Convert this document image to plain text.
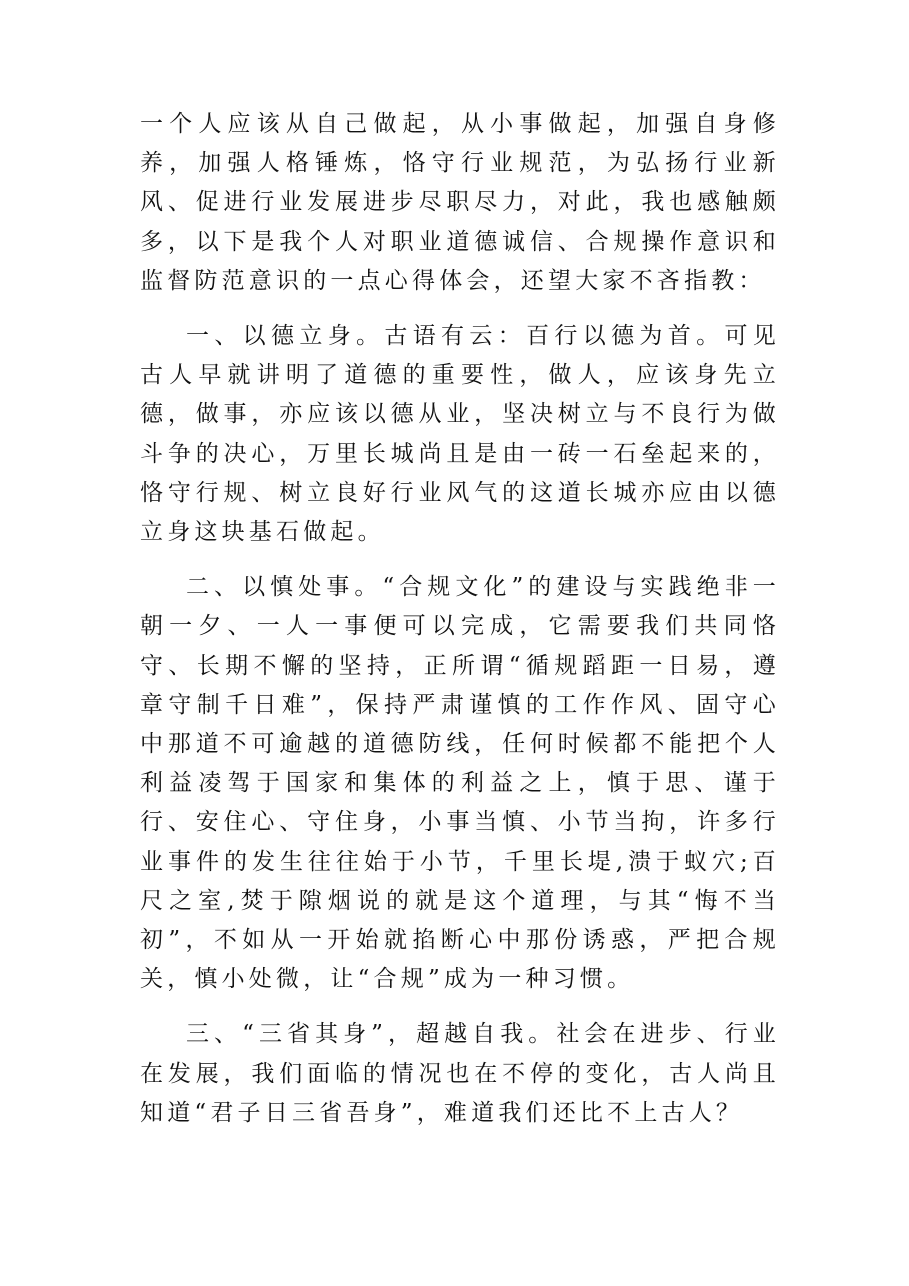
一个人应该从自己做起，从小事做起，加强自身修养，加强人格锤炼，恪守行业规范，为弘扬行业新风、促进行业发展进步尽职尽力，对此，我也感触颇多，以下是我个人对职业道德诚信、合规操作意识和监督防范意识的一点心得体会，还望大家不吝指教：

一、以德立身。古语有云：百行以德为首。可见古人早就讲明了道德的重要性，做人，应该身先立德，做事，亦应该以德从业，坚决树立与不良行为做斗争的决心，万里长城尚且是由一砖一石垒起来的，恪守行规、树立良好行业风气的这道长城亦应由以德立身这块基石做起。

二、以慎处事。“合规文化”的建设与实践绝非一朝一夕、一人一事便可以完成，它需要我们共同恪守、长期不懈的坚持，正所谓“循规蹈距一日易，遵章守制千日难”，保持严肃谨慎的工作作风、固守心中那道不可逾越的道德防线，任何时候都不能把个人利益凌驾于国家和集体的利益之上，慎于思、谨于行、安住心、守住身，小事当慎、小节当拘，许多行业事件的发生往往始于小节，千里长堤,溃于蚁穴;百尺之室,焚于隙烟说的就是这个道理，与其“悔不当初”，不如从一开始就掐断心中那份诱惑，严把合规关，慎小处微，让“合规”成为一种习惯。

三、“三省其身”，超越自我。社会在进步、行业在发展，我们面临的情况也在不停的变化，古人尚且知道“君子日三省吾身”，难道我们还比不上古人？
